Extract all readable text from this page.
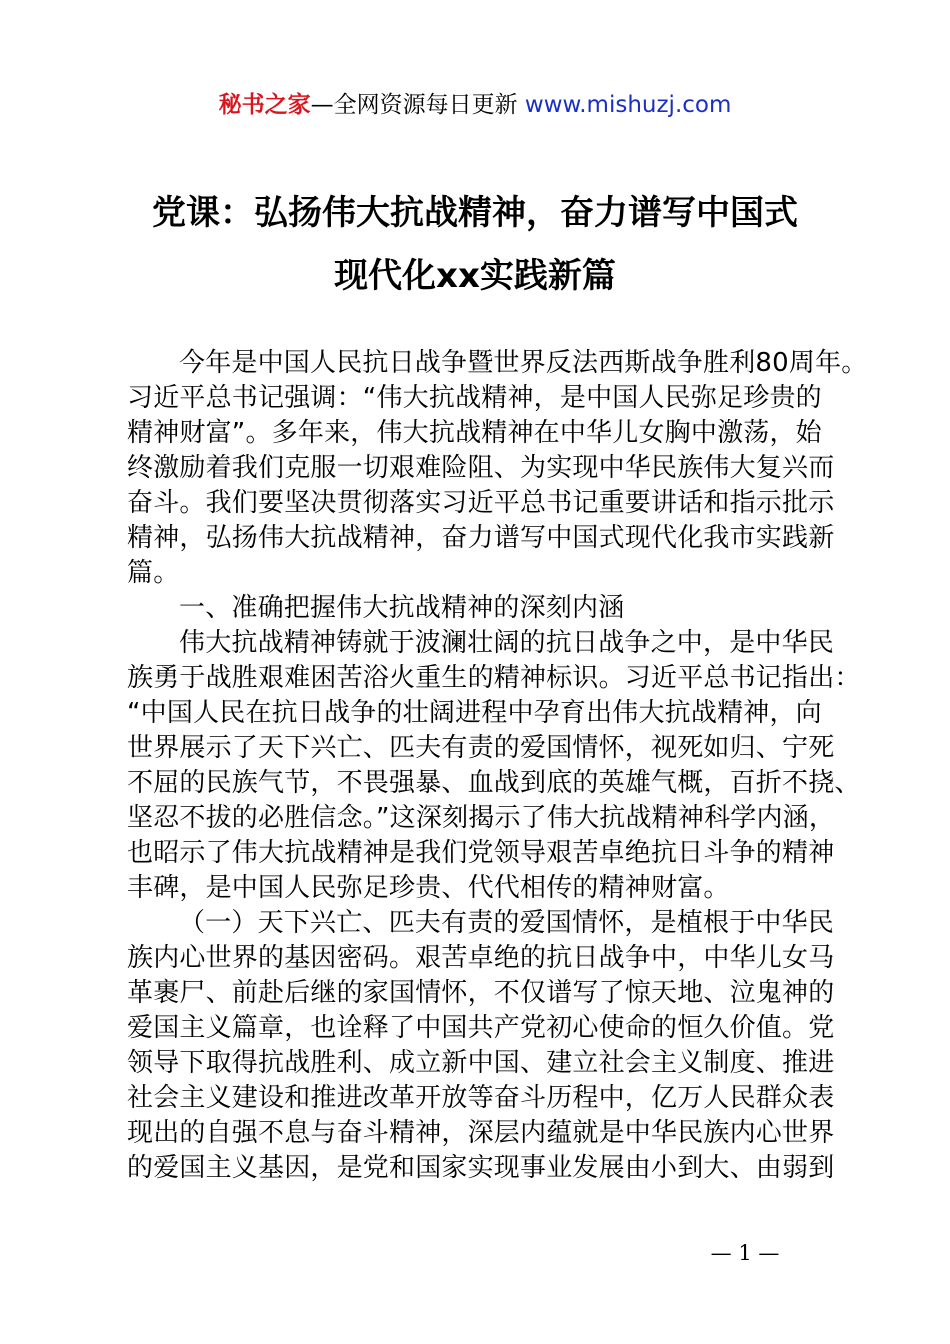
秘书之家—全网资源每日更新 www.mishuzj.com
党课：弘扬伟大抗战精神，奋力谱写中国式
现代化xx实践新篇
今年是中国人民抗日战争暨世界反法西斯战争胜利80周年。
习近平总书记强调：“伟大抗战精神，是中国人民弥足珍贵的
精神财富”。多年来，伟大抗战精神在中华儿女胸中激荡，始
终激励着我们克服一切艰难险阻、为实现中华民族伟大复兴而
奋斗。我们要坚决贯彻落实习近平总书记重要讲话和指示批示
精神，弘扬伟大抗战精神，奋力谱写中国式现代化我市实践新
篇。
一、准确把握伟大抗战精神的深刻内涵
伟大抗战精神铸就于波澜壮阔的抗日战争之中，是中华民
族勇于战胜艰难困苦浴火重生的精神标识。习近平总书记指出：
“中国人民在抗日战争的壮阔进程中孕育出伟大抗战精神，向
世界展示了天下兴亡、匹夫有责的爱国情怀，视死如归、宁死
不屈的民族气节，不畏强暴、血战到底的英雄气概，百折不挠、
坚忍不拔的必胜信念。”这深刻揭示了伟大抗战精神科学内涵，
也昭示了伟大抗战精神是我们党领导艰苦卓绝抗日斗争的精神
丰碑，是中国人民弥足珍贵、代代相传的精神财富。
（一）天下兴亡、匹夫有责的爱国情怀，是植根于中华民
族内心世界的基因密码。艰苦卓绝的抗日战争中，中华儿女马
革裹尸、前赴后继的家国情怀，不仅谱写了惊天地、泣鬼神的
爱国主义篇章，也诠释了中国共产党初心使命的恒久价值。党
领导下取得抗战胜利、成立新中国、建立社会主义制度、推进
社会主义建设和推进改革开放等奋斗历程中，亿万人民群众表
现出的自强不息与奋斗精神，深层内蕴就是中华民族内心世界
的爱国主义基因，是党和国家实现事业发展由小到大、由弱到
— 1 —
